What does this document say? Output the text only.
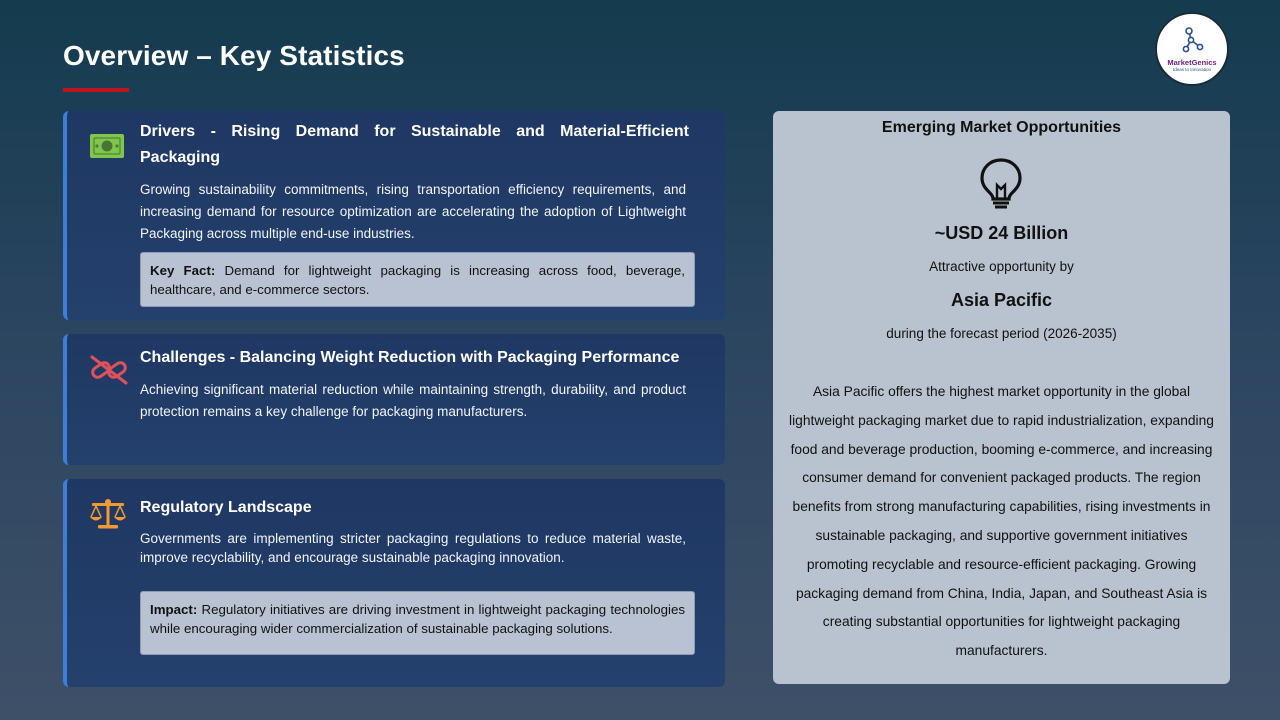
Overview – Key Statistics	MarketGenics
Ideas to Innovation
Drivers - Rising Demand for Sustainable and Material-Efficient Packaging

Growing sustainability commitments, rising transportation efficiency requirements, and increasing demand for resource optimization are accelerating the adoption of Lightweight Packaging across multiple end-use industries.

Key Fact: Demand for lightweight packaging is increasing across food, beverage, healthcare, and e-commerce sectors.
Challenges - Balancing Weight Reduction with Packaging Performance

Achieving significant material reduction while maintaining strength, durability, and product protection remains a key challenge for packaging manufacturers.

Regulatory Landscape

Governments are implementing stricter packaging regulations to reduce material waste, improve recyclability, and encourage sustainable packaging innovation.

Impact: Regulatory initiatives are driving investment in lightweight packaging technologies while encouraging wider commercialization of sustainable packaging solutions.
Emerging Market Opportunities
~USD 24 Billion
Attractive opportunity by
Asia Pacific
during the forecast period (2026-2035)

Asia Pacific offers the highest market opportunity in the global lightweight packaging market due to rapid industrialization, expanding food and beverage production, booming e-commerce, and increasing consumer demand for convenient packaged products. The region benefits from strong manufacturing capabilities, rising investments in sustainable packaging, and supportive government initiatives promoting recyclable and resource-efficient packaging. Growing packaging demand from China, India, Japan, and Southeast Asia is creating substantial opportunities for lightweight packaging manufacturers.
